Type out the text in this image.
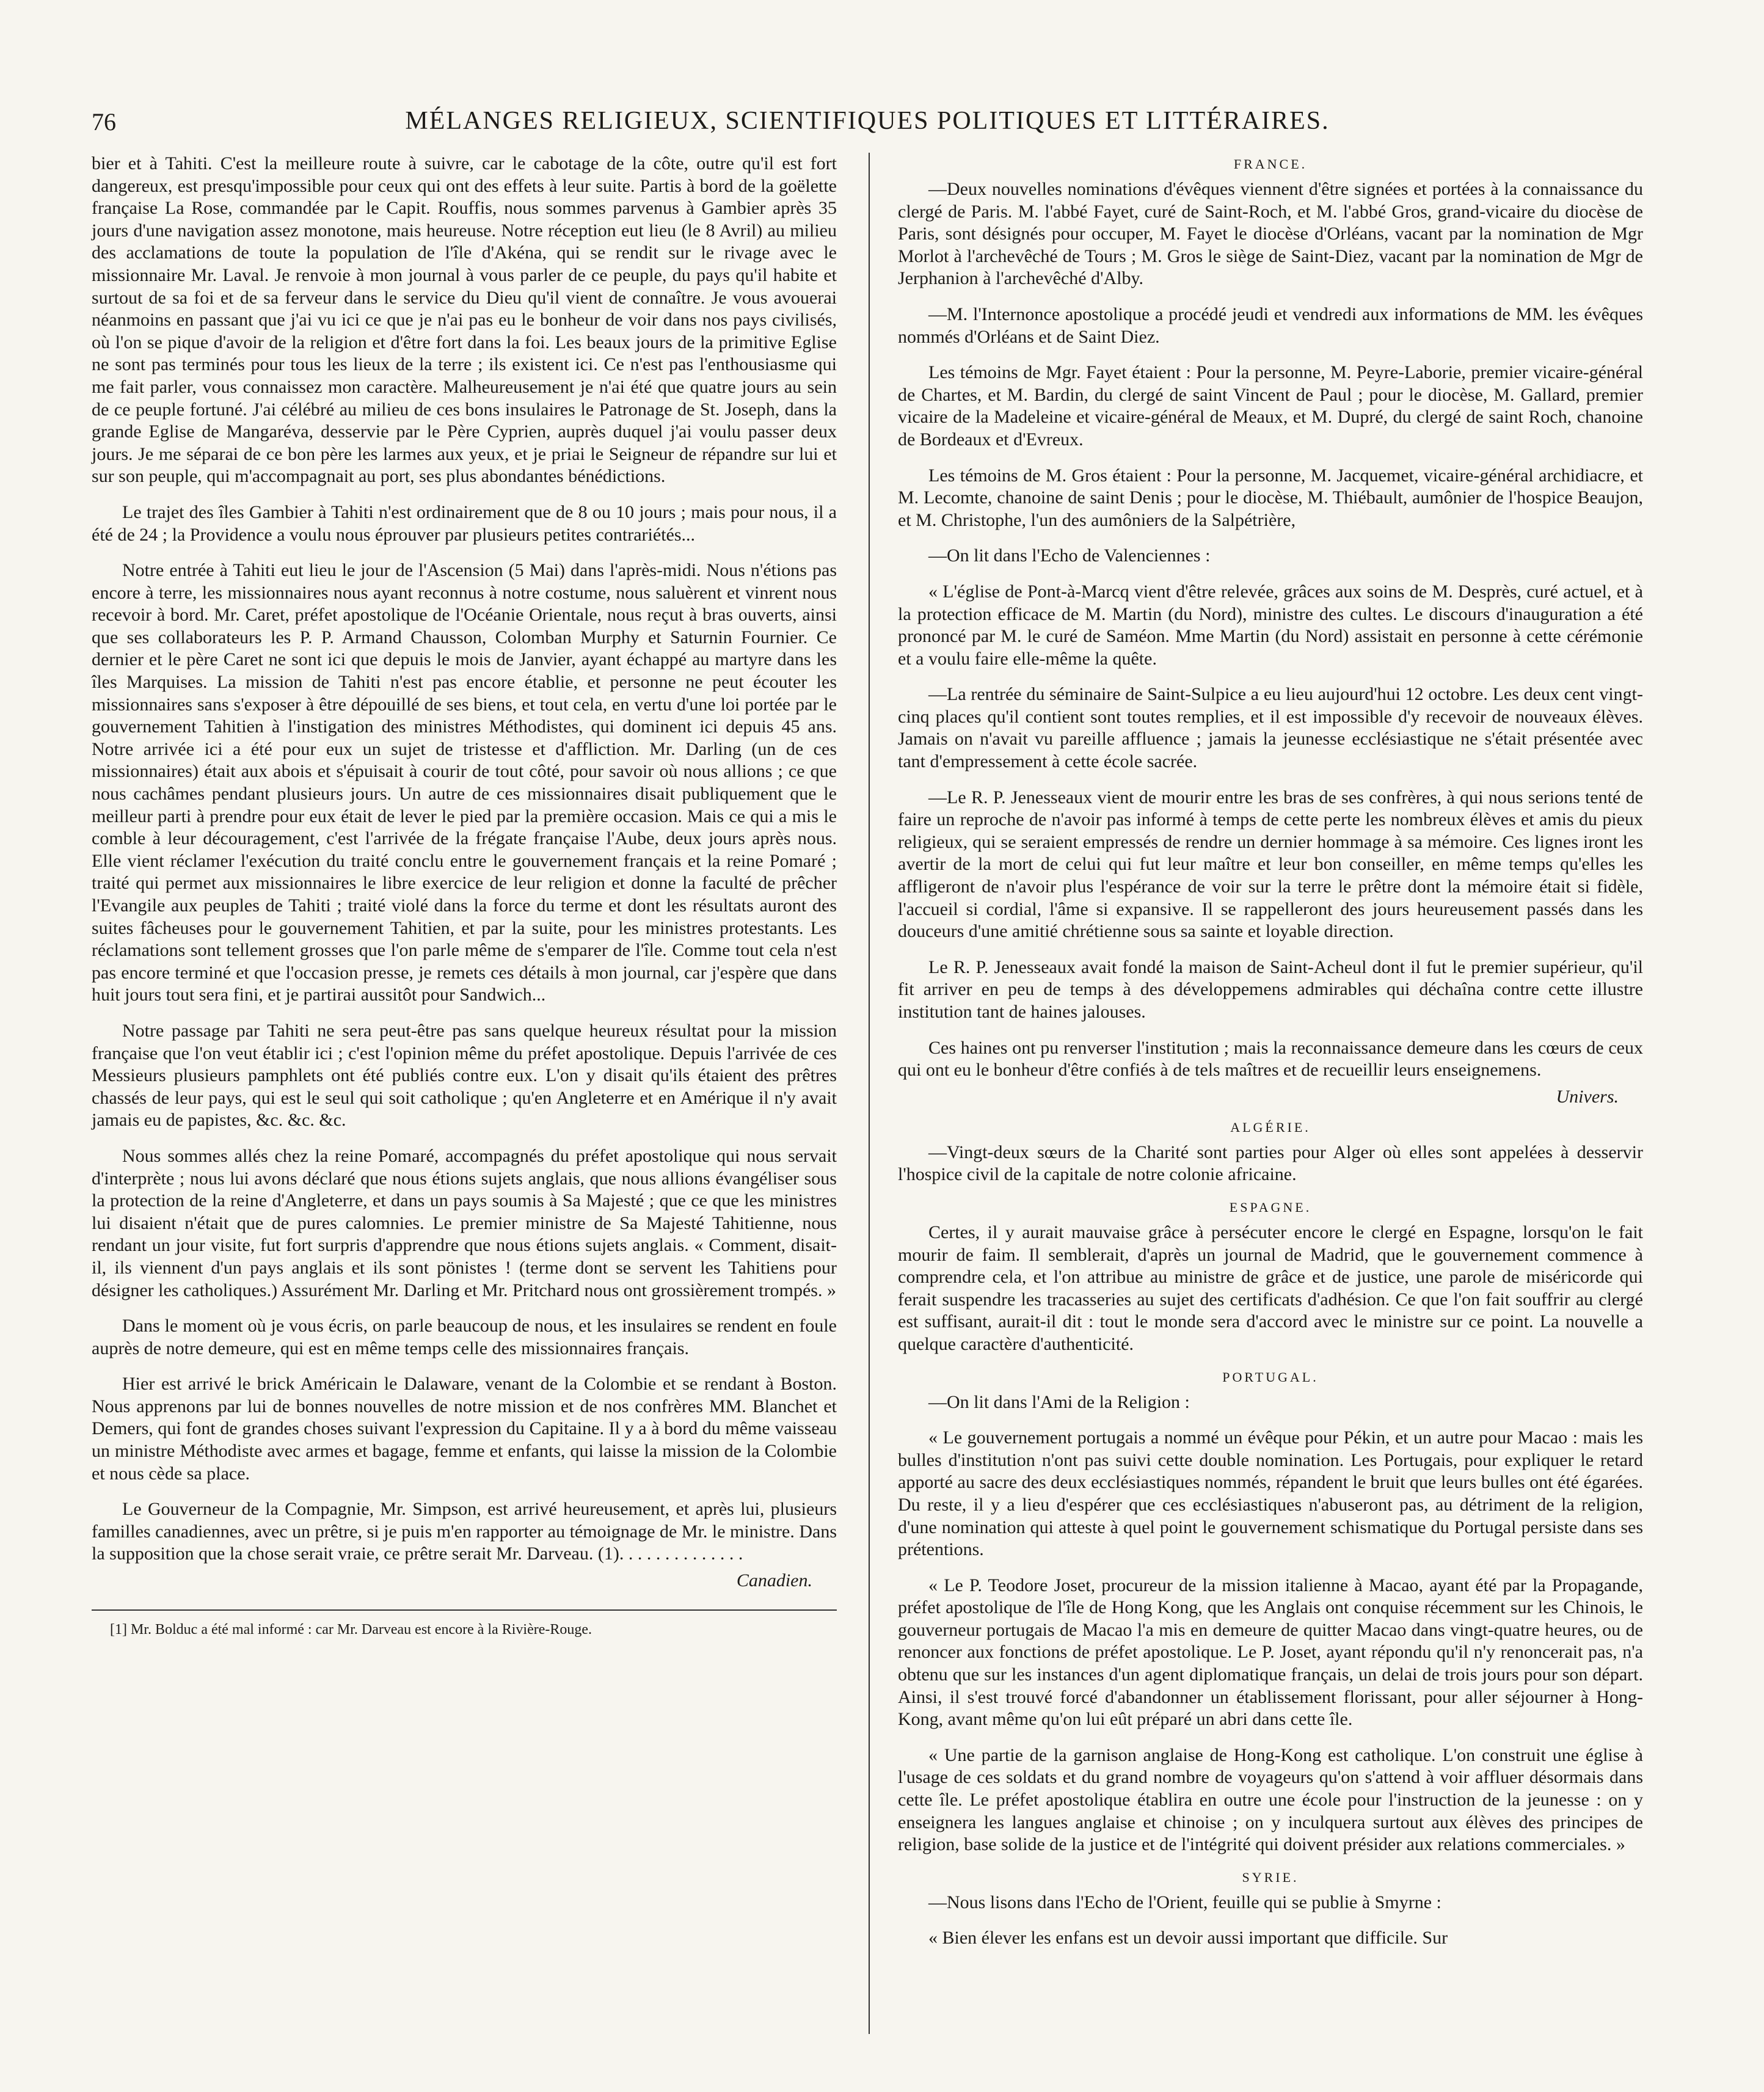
76	MÉLANGES RELIGIEUX, SCIENTIFIQUES POLITIQUES ET LITTÉRAIRES.

bier et à Tahiti. C'est la meilleure route à suivre, car le cabotage de la côte, outre qu'il est fort dangereux, est presqu'impossible pour ceux qui ont des effets à leur suite. Partis à bord de la goëlette française La Rose, commandée par le Capit. Rouffis, nous sommes parvenus à Gambier après 35 jours d'une navigation assez monotone, mais heureuse. Notre réception eut lieu (le 8 Avril) au milieu des acclamations de toute la population de l'île d'Akéna, qui se rendit sur le rivage avec le missionnaire Mr. Laval. Je renvoie à mon journal à vous parler de ce peuple, du pays qu'il habite et surtout de sa foi et de sa ferveur dans le service du Dieu qu'il vient de connaître. Je vous avouerai néanmoins en passant que j'ai vu ici ce que je n'ai pas eu le bonheur de voir dans nos pays civilisés, où l'on se pique d'avoir de la religion et d'être fort dans la foi. Les beaux jours de la primitive Eglise ne sont pas terminés pour tous les lieux de la terre ; ils existent ici. Ce n'est pas l'enthousiasme qui me fait parler, vous connaissez mon caractère. Malheureusement je n'ai été que quatre jours au sein de ce peuple fortuné. J'ai célébré au milieu de ces bons insulaires le Patronage de St. Joseph, dans la grande Eglise de Mangaréva, desservie par le Père Cyprien, auprès duquel j'ai voulu passer deux jours. Je me séparai de ce bon père les larmes aux yeux, et je priai le Seigneur de répandre sur lui et sur son peuple, qui m'accompagnait au port, ses plus abondantes bénédictions.

Le trajet des îles Gambier à Tahiti n'est ordinairement que de 8 ou 10 jours ; mais pour nous, il a été de 24 ; la Providence a voulu nous éprouver par plusieurs petites contrariétés...

Notre entrée à Tahiti eut lieu le jour de l'Ascension (5 Mai) dans l'après-midi. Nous n'étions pas encore à terre, les missionnaires nous ayant reconnus à notre costume, nous saluèrent et vinrent nous recevoir à bord. Mr. Caret, préfet apostolique de l'Océanie Orientale, nous reçut à bras ouverts, ainsi que ses collaborateurs les P. P. Armand Chausson, Colomban Murphy et Saturnin Fournier. Ce dernier et le père Caret ne sont ici que depuis le mois de Janvier, ayant échappé au martyre dans les îles Marquises. La mission de Tahiti n'est pas encore établie, et personne ne peut écouter les missionnaires sans s'exposer à être dépouillé de ses biens, et tout cela, en vertu d'une loi portée par le gouvernement Tahitien à l'instigation des ministres Méthodistes, qui dominent ici depuis 45 ans. Notre arrivée ici a été pour eux un sujet de tristesse et d'affliction. Mr. Darling (un de ces missionnaires) était aux abois et s'épuisait à courir de tout côté, pour savoir où nous allions ; ce que nous cachâmes pendant plusieurs jours. Un autre de ces missionnaires disait publiquement que le meilleur parti à prendre pour eux était de lever le pied par la première occasion. Mais ce qui a mis le comble à leur découragement, c'est l'arrivée de la frégate française l'Aube, deux jours après nous. Elle vient réclamer l'exécution du traité conclu entre le gouvernement français et la reine Pomaré ; traité qui permet aux missionnaires le libre exercice de leur religion et donne la faculté de prêcher l'Evangile aux peuples de Tahiti ; traité violé dans la force du terme et dont les résultats auront des suites fâcheuses pour le gouvernement Tahitien, et par la suite, pour les ministres protestants. Les réclamations sont tellement grosses que l'on parle même de s'emparer de l'île. Comme tout cela n'est pas encore terminé et que l'occasion presse, je remets ces détails à mon journal, car j'espère que dans huit jours tout sera fini, et je partirai aussitôt pour Sandwich...

Notre passage par Tahiti ne sera peut-être pas sans quelque heureux résultat pour la mission française que l'on veut établir ici ; c'est l'opinion même du préfet apostolique. Depuis l'arrivée de ces Messieurs plusieurs pamphlets ont été publiés contre eux. L'on y disait qu'ils étaient des prêtres chassés de leur pays, qui est le seul qui soit catholique ; qu'en Angleterre et en Amérique il n'y avait jamais eu de papistes, &c. &c. &c.

Nous sommes allés chez la reine Pomaré, accompagnés du préfet apostolique qui nous servait d'interprète ; nous lui avons déclaré que nous étions sujets anglais, que nous allions évangéliser sous la protection de la reine d'Angleterre, et dans un pays soumis à Sa Majesté ; que ce que les ministres lui disaient n'était que de pures calomnies. Le premier ministre de Sa Majesté Tahitienne, nous rendant un jour visite, fut fort surpris d'apprendre que nous étions sujets anglais. « Comment, disait-il, ils viennent d'un pays anglais et ils sont pönistes ! (terme dont se servent les Tahitiens pour désigner les catholiques.) Assurément Mr. Darling et Mr. Pritchard nous ont grossièrement trompés. »

Dans le moment où je vous écris, on parle beaucoup de nous, et les insulaires se rendent en foule auprès de notre demeure, qui est en même temps celle des missionnaires français.

Hier est arrivé le brick Américain le Dalaware, venant de la Colombie et se rendant à Boston. Nous apprenons par lui de bonnes nouvelles de notre mission et de nos confrères MM. Blanchet et Demers, qui font de grandes choses suivant l'expression du Capitaine. Il y a à bord du même vaisseau un ministre Méthodiste avec armes et bagage, femme et enfants, qui laisse la mission de la Colombie et nous cède sa place.

Le Gouverneur de la Compagnie, Mr. Simpson, est arrivé heureusement, et après lui, plusieurs familles canadiennes, avec un prêtre, si je puis m'en rapporter au témoignage de Mr. le ministre. Dans la supposition que la chose serait vraie, ce prêtre serait Mr. Darveau. (1). . . . . . . . . . . . . .

Canadien.

[1] Mr. Bolduc a été mal informé : car Mr. Darveau est encore à la Rivière-Rouge.

FRANCE.

—Deux nouvelles nominations d'évêques viennent d'être signées et portées à la connaissance du clergé de Paris. M. l'abbé Fayet, curé de Saint-Roch, et M. l'abbé Gros, grand-vicaire du diocèse de Paris, sont désignés pour occuper, M. Fayet le diocèse d'Orléans, vacant par la nomination de Mgr Morlot à l'archevêché de Tours ; M. Gros le siège de Saint-Diez, vacant par la nomination de Mgr de Jerphanion à l'archevêché d'Alby.

—M. l'Internonce apostolique a procédé jeudi et vendredi aux informations de MM. les évêques nommés d'Orléans et de Saint Diez.

Les témoins de Mgr. Fayet étaient : Pour la personne, M. Peyre-Laborie, premier vicaire-général de Chartes, et M. Bardin, du clergé de saint Vincent de Paul ; pour le diocèse, M. Gallard, premier vicaire de la Madeleine et vicaire-général de Meaux, et M. Dupré, du clergé de saint Roch, chanoine de Bordeaux et d'Evreux.

Les témoins de M. Gros étaient : Pour la personne, M. Jacquemet, vicaire-général archidiacre, et M. Lecomte, chanoine de saint Denis ; pour le diocèse, M. Thiébault, aumônier de l'hospice Beaujon, et M. Christophe, l'un des aumôniers de la Salpétrière,

—On lit dans l'Echo de Valenciennes :

« L'église de Pont-à-Marcq vient d'être relevée, grâces aux soins de M. Desprès, curé actuel, et à la protection efficace de M. Martin (du Nord), ministre des cultes. Le discours d'inauguration a été prononcé par M. le curé de Saméon. Mme Martin (du Nord) assistait en personne à cette cérémonie et a voulu faire elle-même la quête.

—La rentrée du séminaire de Saint-Sulpice a eu lieu aujourd'hui 12 octobre. Les deux cent vingt-cinq places qu'il contient sont toutes remplies, et il est impossible d'y recevoir de nouveaux élèves. Jamais on n'avait vu pareille affluence ; jamais la jeunesse ecclésiastique ne s'était présentée avec tant d'empressement à cette école sacrée.

—Le R. P. Jenesseaux vient de mourir entre les bras de ses confrères, à qui nous serions tenté de faire un reproche de n'avoir pas informé à temps de cette perte les nombreux élèves et amis du pieux religieux, qui se seraient empressés de rendre un dernier hommage à sa mémoire. Ces lignes iront les avertir de la mort de celui qui fut leur maître et leur bon conseiller, en même temps qu'elles les affligeront de n'avoir plus l'espérance de voir sur la terre le prêtre dont la mémoire était si fidèle, l'accueil si cordial, l'âme si expansive. Il se rappelleront des jours heureusement passés dans les douceurs d'une amitié chrétienne sous sa sainte et loyable direction.

Le R. P. Jenesseaux avait fondé la maison de Saint-Acheul dont il fut le premier supérieur, qu'il fit arriver en peu de temps à des développemens admirables qui déchaîna contre cette illustre institution tant de haines jalouses.

Ces haines ont pu renverser l'institution ; mais la reconnaissance demeure dans les cœurs de ceux qui ont eu le bonheur d'être confiés à de tels maîtres et de recueillir leurs enseignemens.

Univers.
ALGÉRIE.

—Vingt-deux sœurs de la Charité sont parties pour Alger où elles sont appelées à desservir l'hospice civil de la capitale de notre colonie africaine.

ESPAGNE.

Certes, il y aurait mauvaise grâce à persécuter encore le clergé en Espagne, lorsqu'on le fait mourir de faim. Il semblerait, d'après un journal de Madrid, que le gouvernement commence à comprendre cela, et l'on attribue au ministre de grâce et de justice, une parole de miséricorde qui ferait suspendre les tracasseries au sujet des certificats d'adhésion. Ce que l'on fait souffrir au clergé est suffisant, aurait-il dit : tout le monde sera d'accord avec le ministre sur ce point. La nouvelle a quelque caractère d'authenticité.

PORTUGAL.

—On lit dans l'Ami de la Religion :

« Le gouvernement portugais a nommé un évêque pour Pékin, et un autre pour Macao : mais les bulles d'institution n'ont pas suivi cette double nomination. Les Portugais, pour expliquer le retard apporté au sacre des deux ecclésiastiques nommés, répandent le bruit que leurs bulles ont été égarées. Du reste, il y a lieu d'espérer que ces ecclésiastiques n'abuseront pas, au détriment de la religion, d'une nomination qui atteste à quel point le gouvernement schismatique du Portugal persiste dans ses prétentions.

« Le P. Teodore Joset, procureur de la mission italienne à Macao, ayant été par la Propagande, préfet apostolique de l'île de Hong Kong, que les Anglais ont conquise récemment sur les Chinois, le gouverneur portugais de Macao l'a mis en demeure de quitter Macao dans vingt-quatre heures, ou de renoncer aux fonctions de préfet apostolique. Le P. Joset, ayant répondu qu'il n'y renoncerait pas, n'a obtenu que sur les instances d'un agent diplomatique français, un delai de trois jours pour son départ. Ainsi, il s'est trouvé forcé d'abandonner un établissement florissant, pour aller séjourner à Hong-Kong, avant même qu'on lui eût préparé un abri dans cette île.

« Une partie de la garnison anglaise de Hong-Kong est catholique. L'on construit une église à l'usage de ces soldats et du grand nombre de voyageurs qu'on s'attend à voir affluer désormais dans cette île. Le préfet apostolique établira en outre une école pour l'instruction de la jeunesse : on y enseignera les langues anglaise et chinoise ; on y inculquera surtout aux élèves des principes de religion, base solide de la justice et de l'intégrité qui doivent présider aux relations commerciales. »

SYRIE.

—Nous lisons dans l'Echo de l'Orient, feuille qui se publie à Smyrne :

« Bien élever les enfans est un devoir aussi important que difficile. Sur
